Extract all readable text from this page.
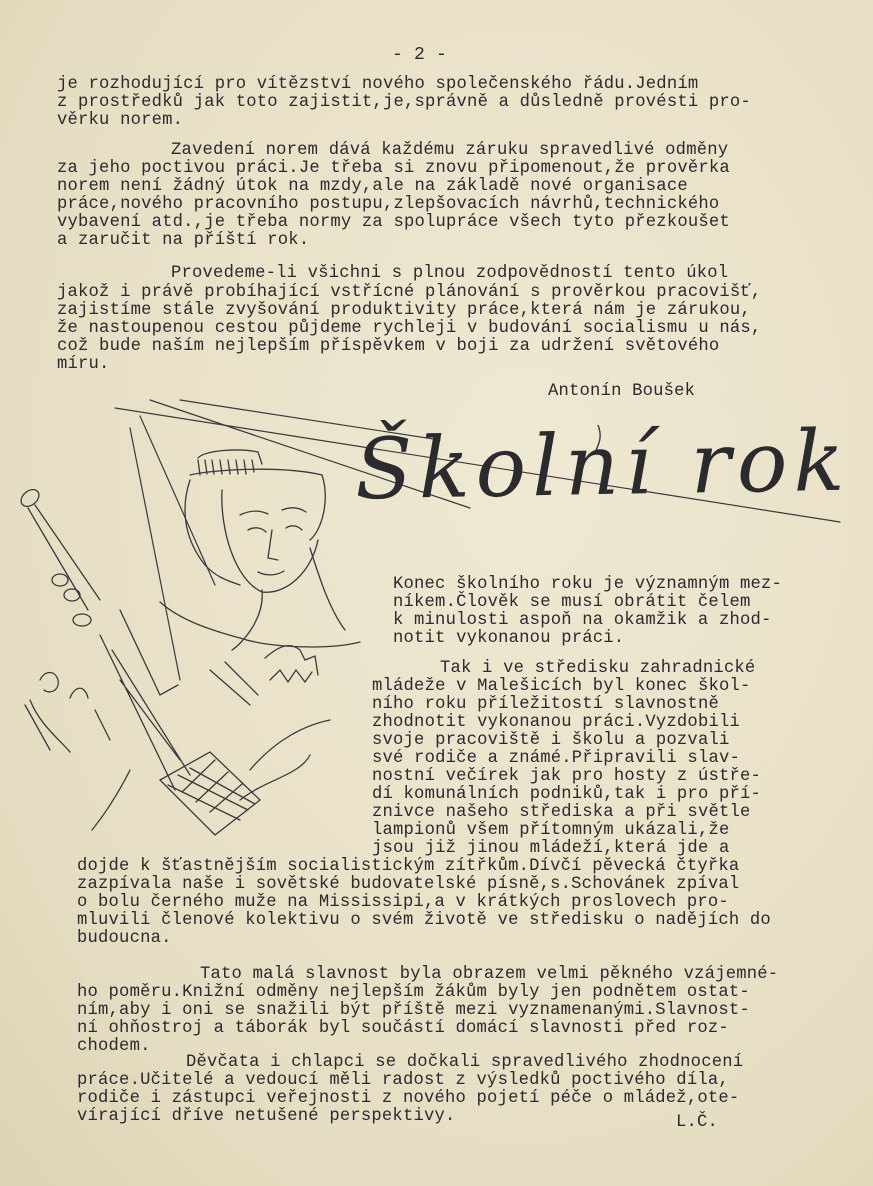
- 2 -
je rozhodující pro vítězství nového společenského řádu.Jedním
z prostředků jak toto zajistit,je,správně a důsledně provésti pro-
věrku norem.
Zavedení norem dává každému záruku spravedlivé odměny
za jeho poctivou práci.Je třeba si znovu připomenout,že prověrka
norem není žádný útok na mzdy,ale na základě nové organisace
práce,nového pracovního postupu,zlepšovacích návrhů,technického
vybavení atd.,je třeba normy za spolupráce všech tyto přezkoušet
a zaručit na příští rok.
Provedeme-li všichni s plnou zodpovědností tento úkol
jakož i právě probíhající vstřícné plánování s prověrkou pracovišť,
zajistíme stále zvyšování produktivity práce,která nám je zárukou,
že nastoupenou cestou půjdeme rychleji v budování socialismu u nás,
což bude naším nejlepším příspěvkem v boji za udržení světového
míru.
Antonín Boušek
Školní rok
Konec školního roku je významným mez-
níkem.Člověk se musí obrátit čelem
k minulosti aspoň na okamžik a zhod-
notit vykonanou práci.
Tak i ve středisku zahradnické
mládeže v Malešicích byl konec škol-
ního roku příležitostí slavnostně
zhodnotit vykonanou práci.Vyzdobili
svoje pracoviště i školu a pozvali
své rodiče a známé.Připravili slav-
nostní večírek jak pro hosty z ústře-
dí komunálních podniků,tak i pro pří-
znivce našeho střediska a při světle
lampionů všem přítomným ukázali,že
jsou již jinou mládeží,která jde a
dojde k šťastnějším socialistickým zítřkům.Dívčí pěvecká čtyřka
zazpívala naše i sovětské budovatelské písně,s.Schovánek zpíval
o bolu černého muže na Mississipi,a v krátkých proslovech pro-
mluvili členové kolektivu o svém životě ve středisku o nadějích do
budoucna.
Tato malá slavnost byla obrazem velmi pěkného vzájemné-
ho poměru.Knižní odměny nejlepším žákům byly jen podnětem ostat-
ním,aby i oni se snažili být příště mezi vyznamenanými.Slavnost-
ní ohňostroj a táborák byl součástí domácí slavnosti před roz-
chodem.
Děvčata i chlapci se dočkali spravedlivého zhodnocení
práce.Učitelé a vedoucí měli radost z výsledků poctivého díla,
rodiče i zástupci veřejnosti z nového pojetí péče o mládež,ote-
vírající dříve netušené perspektivy.	L.Č.
